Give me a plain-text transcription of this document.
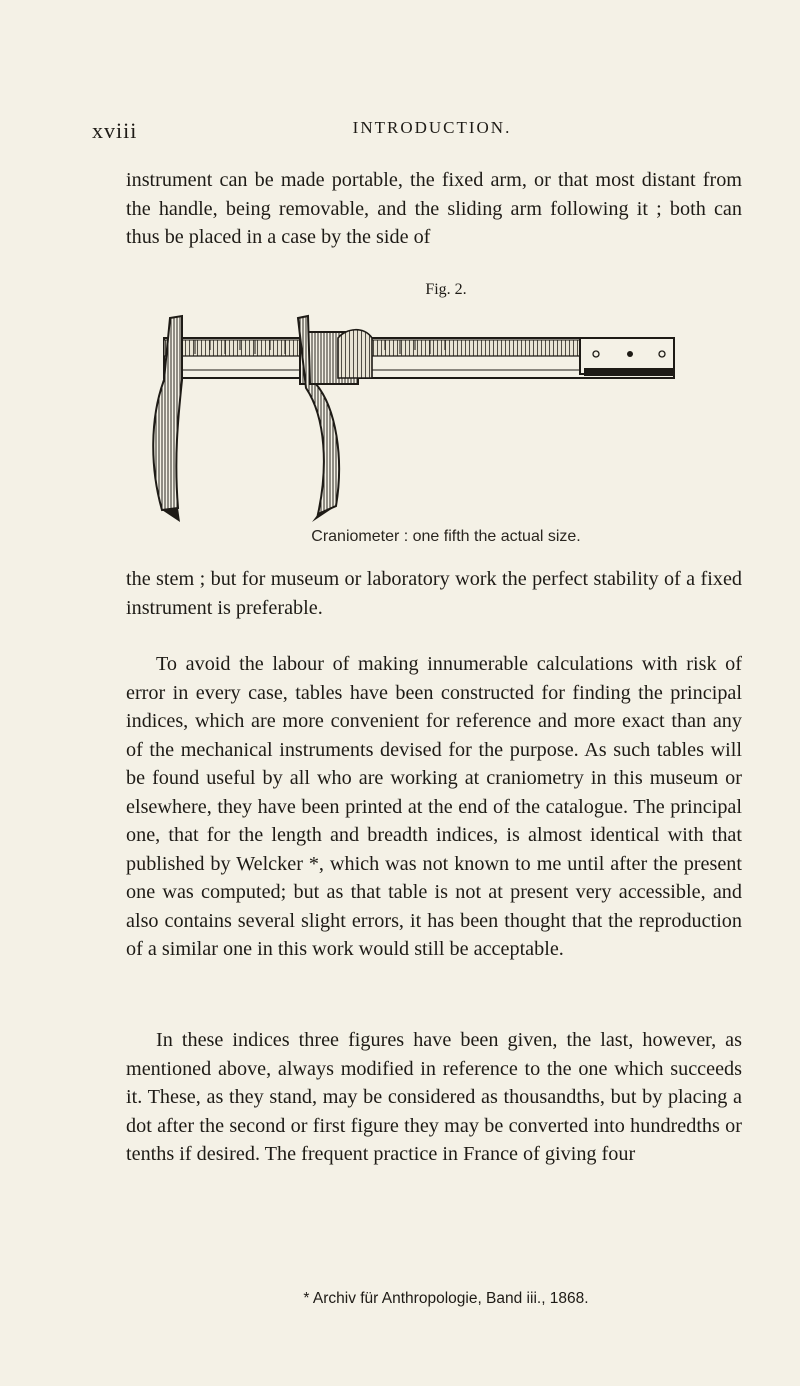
xviii	INTRODUCTION.

instrument can be made portable, the fixed arm, or that most distant from the handle, being removable, and the sliding arm following it ; both can thus be placed in a case by the side of

Fig. 2.
Craniometer : one fifth the actual size.

the stem ; but for museum or laboratory work the perfect stability of a fixed instrument is preferable.

To avoid the labour of making innumerable calculations with risk of error in every case, tables have been constructed for finding the principal indices, which are more convenient for reference and more exact than any of the mechanical instruments devised for the purpose. As such tables will be found useful by all who are working at craniometry in this museum or elsewhere, they have been printed at the end of the catalogue. The principal one, that for the length and breadth indices, is almost identical with that published by Welcker *, which was not known to me until after the present one was computed; but as that table is not at present very accessible, and also contains several slight errors, it has been thought that the reproduction of a similar one in this work would still be acceptable.

In these indices three figures have been given, the last, however, as mentioned above, always modified in reference to the one which succeeds it. These, as they stand, may be considered as thousandths, but by placing a dot after the second or first figure they may be converted into hundredths or tenths if desired. The frequent practice in France of giving four

* Archiv für Anthropologie, Band iii., 1868.
